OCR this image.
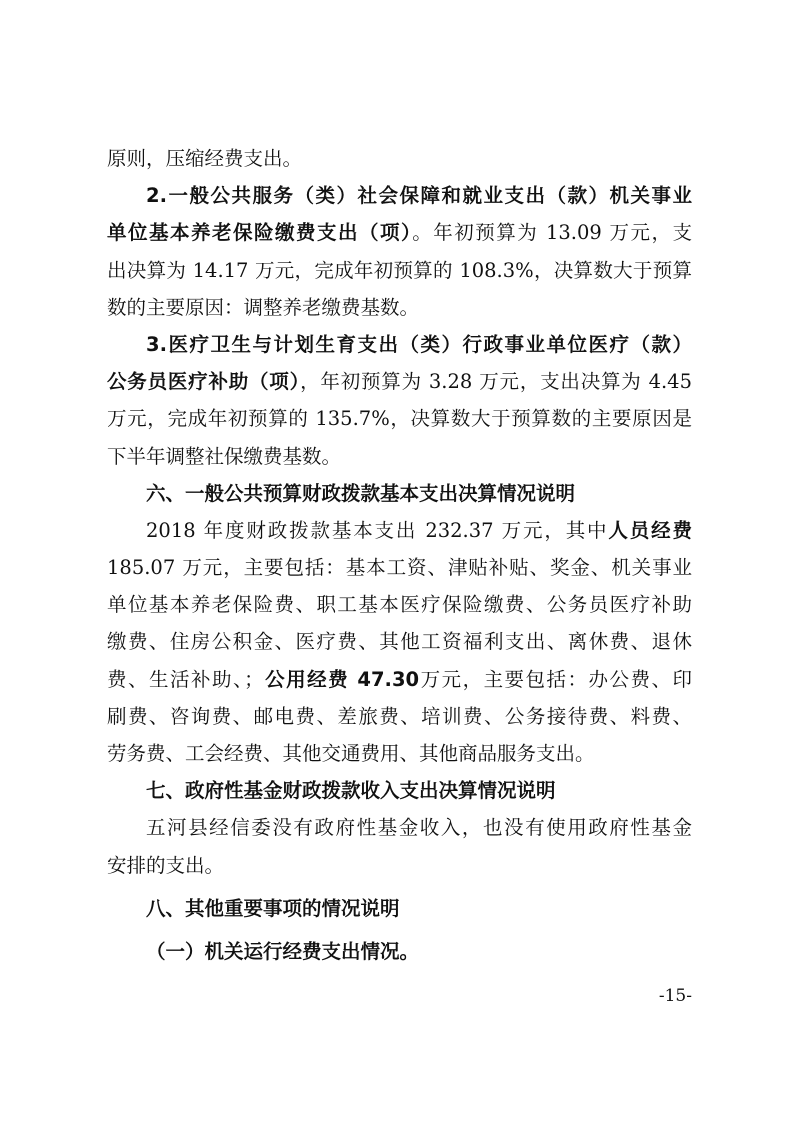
原则，压缩经费支出。
2.一般公共服务（类）社会保障和就业支出（款）机关事业
单位基本养老保险缴费支出（项）。年初预算为 13.09 万元，支
出决算为 14.17 万元，完成年初预算的 108.3%，决算数大于预算
数的主要原因：调整养老缴费基数。
3.医疗卫生与计划生育支出（类）行政事业单位医疗（款）
公务员医疗补助（项），年初预算为 3.28 万元，支出决算为 4.45
万元，完成年初预算的 135.7%，决算数大于预算数的主要原因是
下半年调整社保缴费基数。
六、一般公共预算财政拨款基本支出决算情况说明
2018 年度财政拨款基本支出 232.37 万元，其中人员经费
185.07 万元，主要包括：基本工资、津贴补贴、奖金、机关事业
单位基本养老保险费、职工基本医疗保险缴费、公务员医疗补助
缴费、住房公积金、医疗费、其他工资福利支出、离休费、退休
费、生活补助、；公用经费 47.30万元，主要包括：办公费、印
刷费、咨询费、邮电费、差旅费、培训费、公务接待费、料费、
劳务费、工会经费、其他交通费用、其他商品服务支出。
七、政府性基金财政拨款收入支出决算情况说明
五河县经信委没有政府性基金收入，也没有使用政府性基金
安排的支出。
八、其他重要事项的情况说明
（一）机关运行经费支出情况。
-15-
